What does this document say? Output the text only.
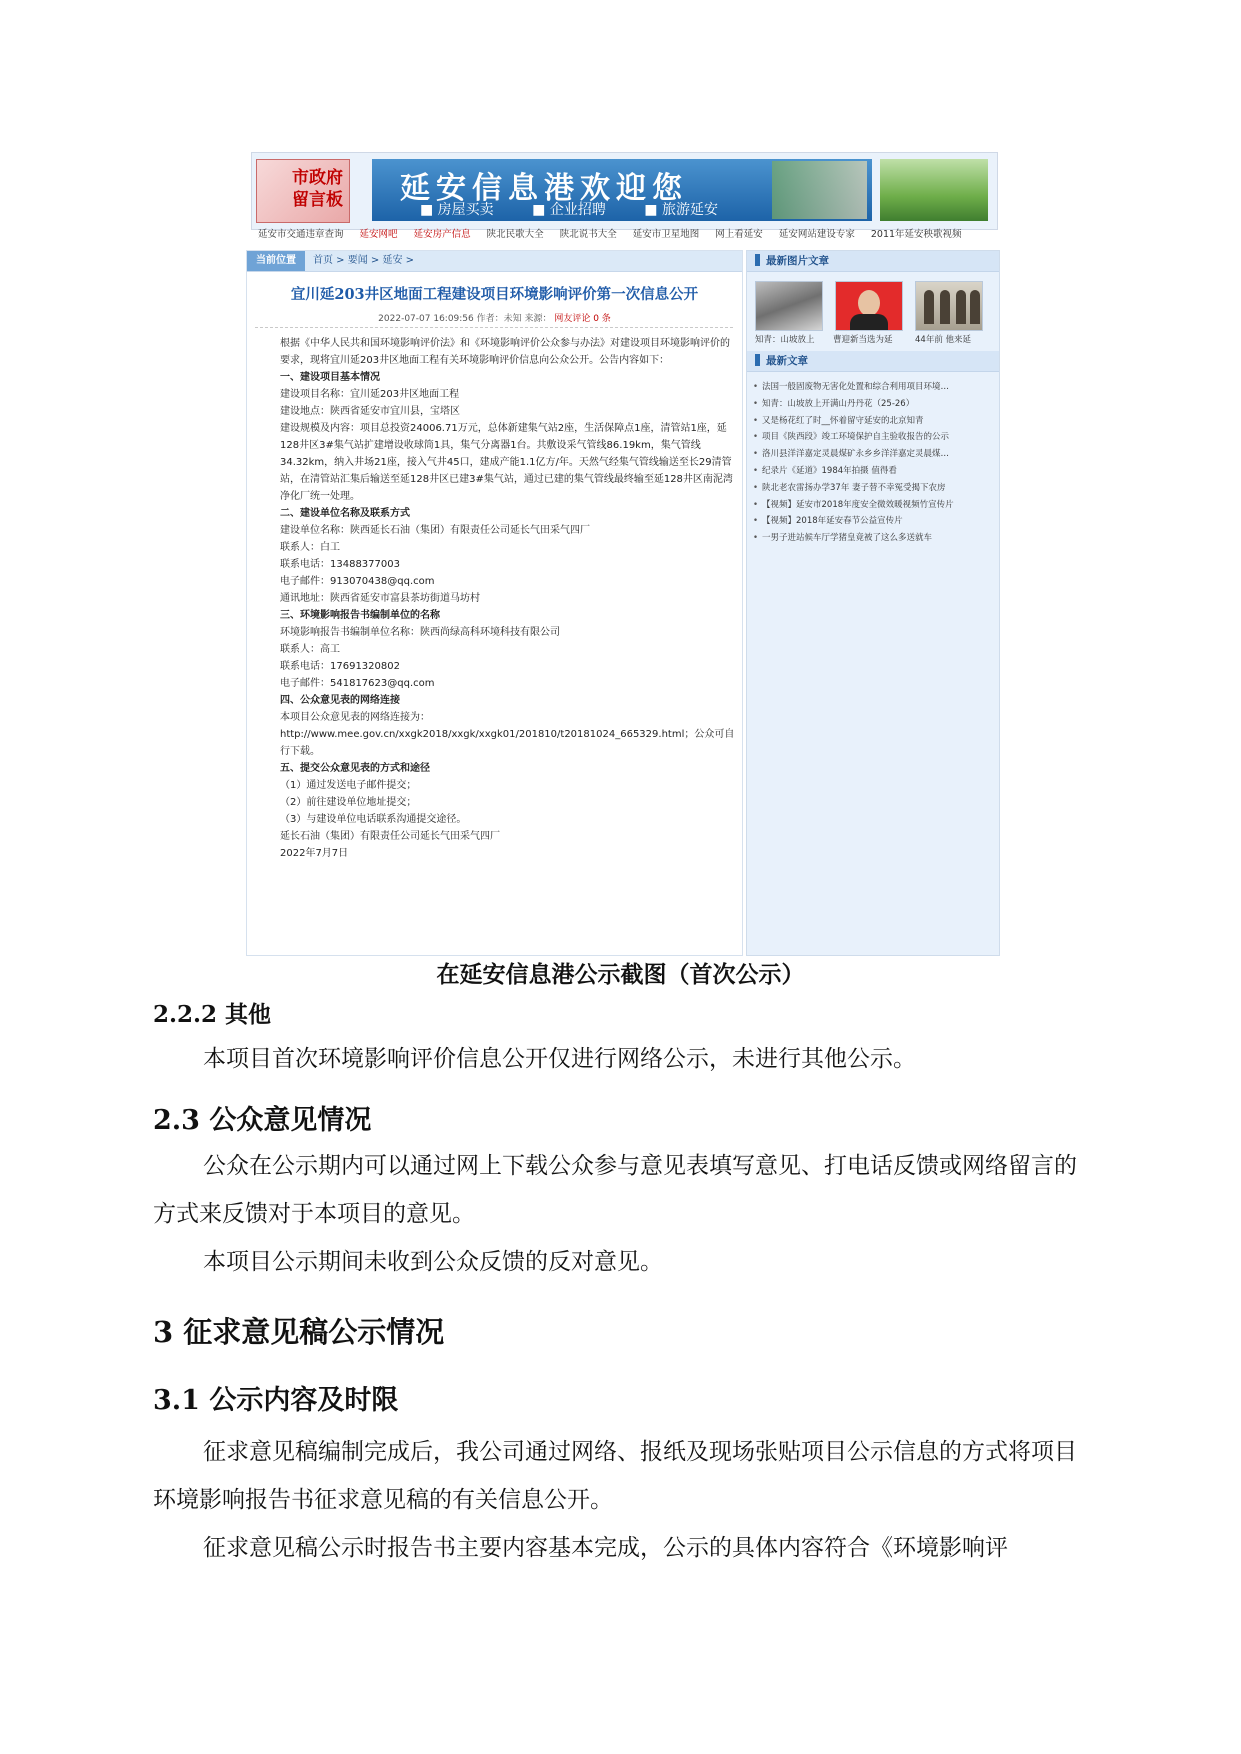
市政府
留言板 延安信息港欢迎您
■ 房屋买卖	■ 企业招聘	■ 旅游延安
延安市交通违章查询 延安网吧 延安房产信息 陕北民歌大全 陕北说书大全 延安市卫星地图 网上看延安 延安网站建设专家 2011年延安秧歌视频
当前位置	首页 > 要闻 > 延安 >
宜川延203井区地面工程建设项目环境影响评价第一次信息公开
2022-07-07 16:09:56 作者：未知 来源： 网友评论 0 条

根据《中华人民共和国环境影响评价法》和《环境影响评价公众参与办法》对建设项目环境影响评价的要求，现将宜川延203井区地面工程有关环境影响评价信息向公众公开。公告内容如下：

一、建设项目基本情况

建设项目名称：宜川延203井区地面工程

建设地点：陕西省延安市宜川县，宝塔区

建设规模及内容：项目总投资24006.71万元，总体新建集气站2座，生活保障点1座，清管站1座，延128井区3#集气站扩建增设收球筒1具，集气分离器1台。共敷设采气管线86.19km，集气管线34.32km，纳入井场21座，接入气井45口，建成产能1.1亿方/年。天然气经集气管线输送至长29清管站，在清管站汇集后输送至延128井区已建3#集气站，通过已建的集气管线最终输至延128井区南泥湾净化厂统一处理。

二、建设单位名称及联系方式

建设单位名称：陕西延长石油（集团）有限责任公司延长气田采气四厂

联系人：白工

联系电话：13488377003

电子邮件：913070438@qq.com

通讯地址：陕西省延安市富县茶坊街道马坊村

三、环境影响报告书编制单位的名称

环境影响报告书编制单位名称：陕西尚绿高科环境科技有限公司

联系人：高工

联系电话：17691320802

电子邮件：541817623@qq.com

四、公众意见表的网络连接

本项目公众意见表的网络连接为：http://www.mee.gov.cn/xxgk2018/xxgk/xxgk01/201810/t20181024_665329.html；公众可自行下载。

五、提交公众意见表的方式和途径

（1）通过发送电子邮件提交；

（2）前往建设单位地址提交；

（3）与建设单位电话联系沟通提交途径。

延长石油（集团）有限责任公司延长气田采气四厂

2022年7月7日

最新图片文章
知青：山坡放上 曹迎新当选为延	44年前 他来延
最新文章
• 法国一般固废物无害化处置和综合利用项目环境…
• 知青：山坡放上开满山丹丹花（25-26）
• 又是杨花红了时__怀着留守延安的北京知青
• 项目《陕西段》竣工环境保护自主验收报告的公示
• 洛川县洋洋嘉定灵晨煤矿永乡乡洋洋嘉定灵晨煤…
• 纪录片《延道》1984年拍摄 值得看
• 陕北老农雷扬办学37年 妻子替不幸冤受揭下农房
• 【视频】延安市2018年度安全微效暖视频竹宣传片
• 【视频】2018年延安春节公益宣传片
• 一男子进站候车厅学猪皇竟被了这么多送就车
在延安信息港公示截图（首次公示）
2.2.2 其他

本项目首次环境影响评价信息公开仅进行网络公示，未进行其他公示。

2.3 公众意见情况

公众在公示期内可以通过网上下载公众参与意见表填写意见、打电话反馈或网络留言的方式来反馈对于本项目的意见。

本项目公示期间未收到公众反馈的反对意见。

3 征求意见稿公示情况
3.1 公示内容及时限

征求意见稿编制完成后，我公司通过网络、报纸及现场张贴项目公示信息的方式将项目环境影响报告书征求意见稿的有关信息公开。

征求意见稿公示时报告书主要内容基本完成，公示的具体内容符合《环境影响评
